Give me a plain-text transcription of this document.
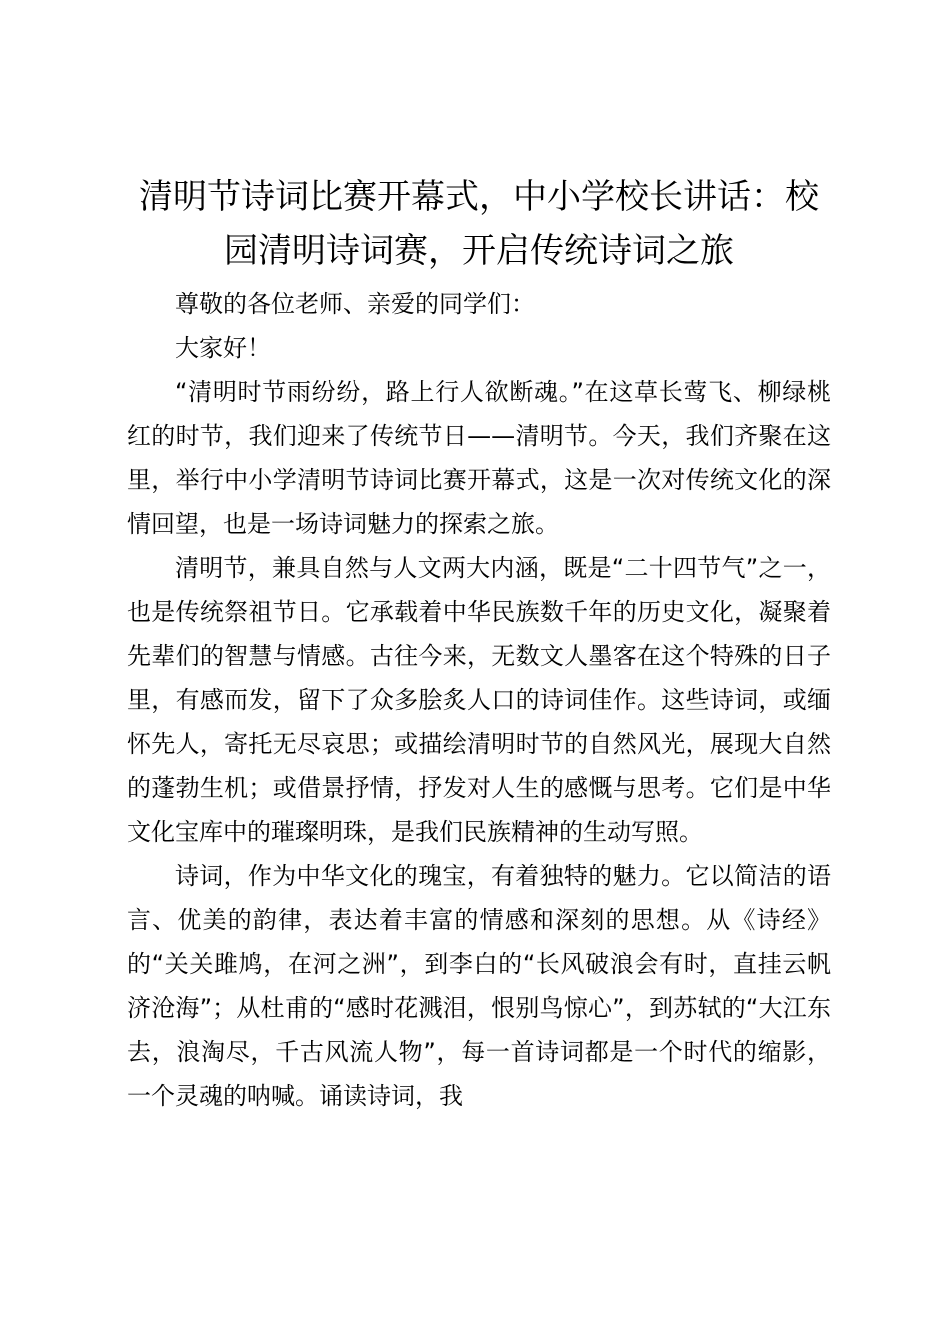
清明节诗词比赛开幕式，中小学校长讲话：校园清明诗词赛，开启传统诗词之旅

尊敬的各位老师、亲爱的同学们：

大家好！

“清明时节雨纷纷，路上行人欲断魂。”在这草长莺飞、柳绿桃红的时节，我们迎来了传统节日——清明节。今天，我们齐聚在这里，举行中小学清明节诗词比赛开幕式，这是一次对传统文化的深情回望，也是一场诗词魅力的探索之旅。

清明节，兼具自然与人文两大内涵，既是“二十四节气”之一，也是传统祭祖节日。它承载着中华民族数千年的历史文化，凝聚着先辈们的智慧与情感。古往今来，无数文人墨客在这个特殊的日子里，有感而发，留下了众多脍炙人口的诗词佳作。这些诗词，或缅怀先人，寄托无尽哀思；或描绘清明时节的自然风光，展现大自然的蓬勃生机；或借景抒情，抒发对人生的感慨与思考。它们是中华文化宝库中的璀璨明珠，是我们民族精神的生动写照。

诗词，作为中华文化的瑰宝，有着独特的魅力。它以简洁的语言、优美的韵律，表达着丰富的情感和深刻的思想。从《诗经》的“关关雎鸠，在河之洲”，到李白的“长风破浪会有时，直挂云帆济沧海”；从杜甫的“感时花溅泪，恨别鸟惊心”，到苏轼的“大江东去，浪淘尽，千古风流人物”，每一首诗词都是一个时代的缩影，一个灵魂的呐喊。诵读诗词，我
